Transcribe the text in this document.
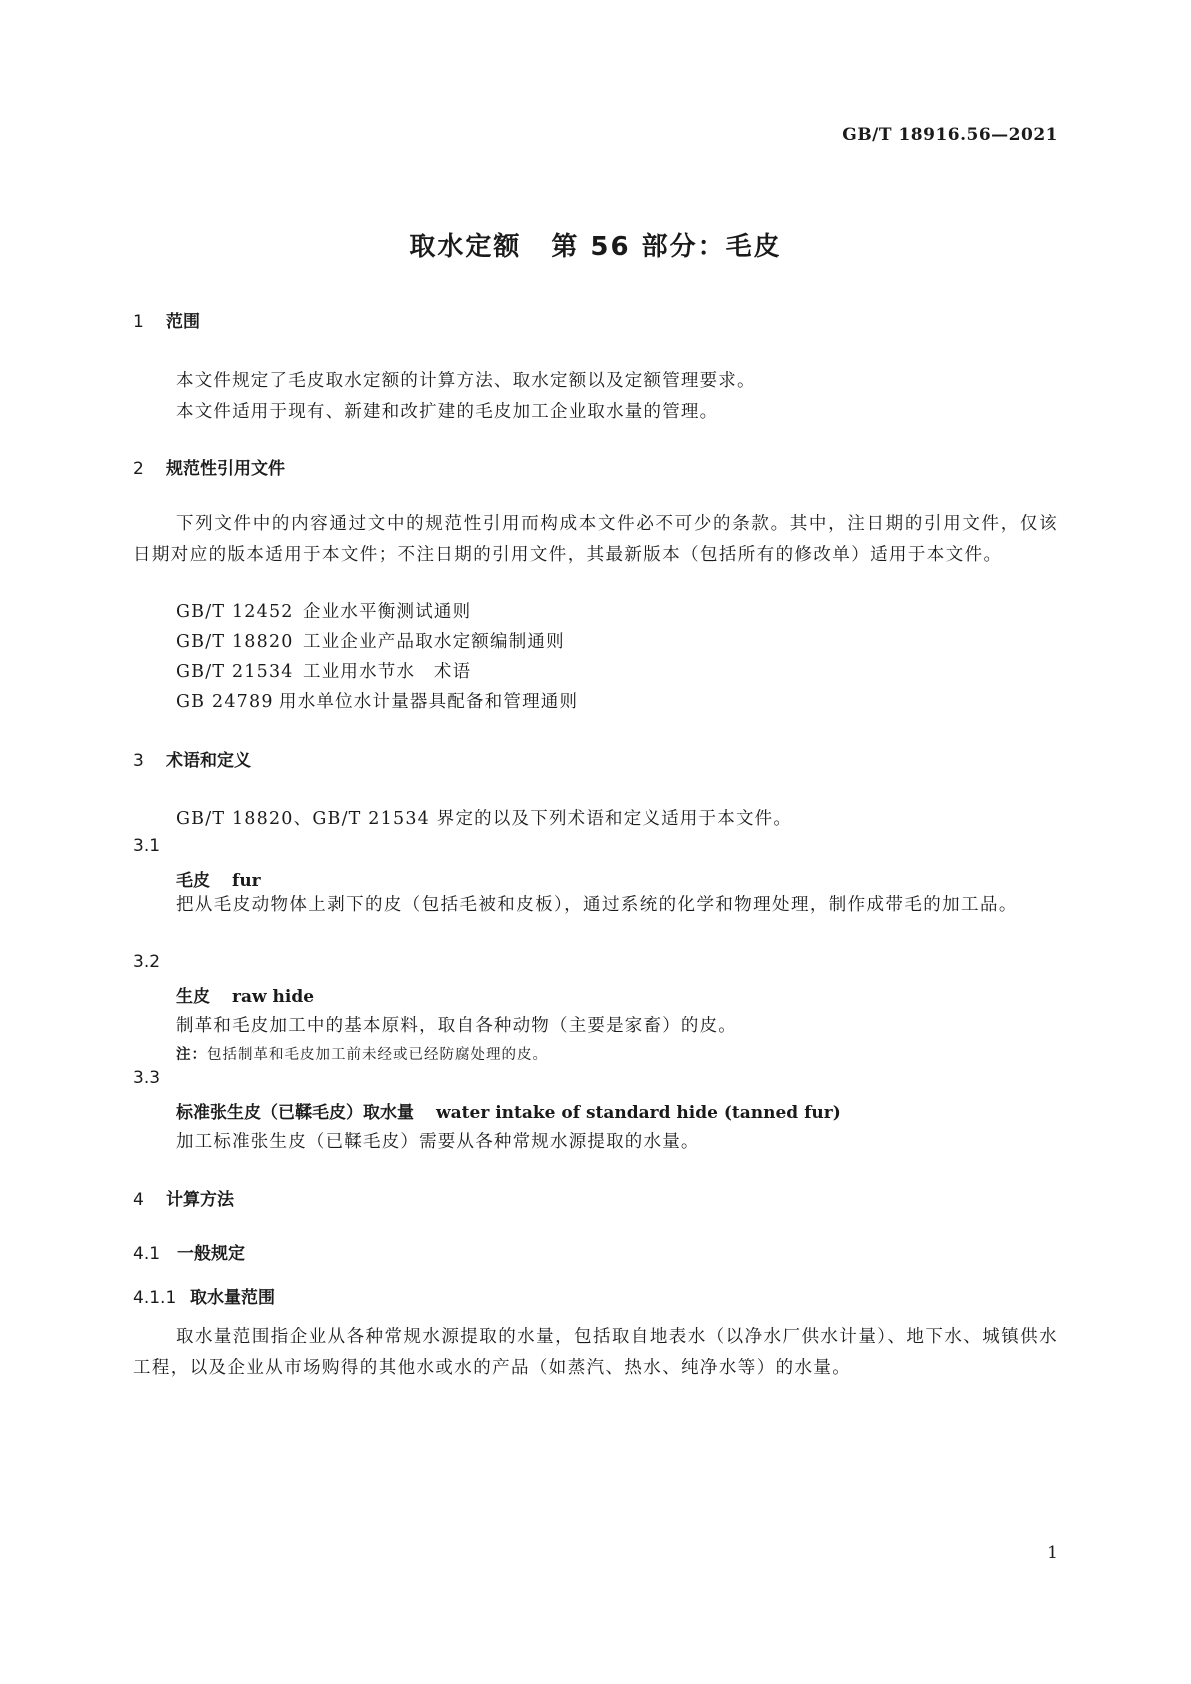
GB/T 18916.56—2021
取水定额 第 56 部分：毛皮
1 范围
本文件规定了毛皮取水定额的计算方法、取水定额以及定额管理要求。
本文件适用于现有、新建和改扩建的毛皮加工企业取水量的管理。
2 规范性引用文件
下列文件中的内容通过文中的规范性引用而构成本文件必不可少的条款。其中，注日期的引用文件，仅该日期对应的版本适用于本文件；不注日期的引用文件，其最新版本（包括所有的修改单）适用于本文件。
GB/T 12452 企业水平衡测试通则
GB/T 18820 工业企业产品取水定额编制通则
GB/T 21534 工业用水节水　术语
GB 24789 用水单位水计量器具配备和管理通则
3 术语和定义
GB/T 18820、GB/T 21534 界定的以及下列术语和定义适用于本文件。
3.1
毛皮 fur
把从毛皮动物体上剥下的皮（包括毛被和皮板），通过系统的化学和物理处理，制作成带毛的加工品。
3.2
生皮 raw hide
制革和毛皮加工中的基本原料，取自各种动物（主要是家畜）的皮。
注：包括制革和毛皮加工前未经或已经防腐处理的皮。
3.3
标准张生皮（已鞣毛皮）取水量 water intake of standard hide (tanned fur)
加工标准张生皮（已鞣毛皮）需要从各种常规水源提取的水量。
4 计算方法
4.1 一般规定
4.1.1 取水量范围
取水量范围指企业从各种常规水源提取的水量，包括取自地表水（以净水厂供水计量）、地下水、城镇供水工程，以及企业从市场购得的其他水或水的产品（如蒸汽、热水、纯净水等）的水量。
1
